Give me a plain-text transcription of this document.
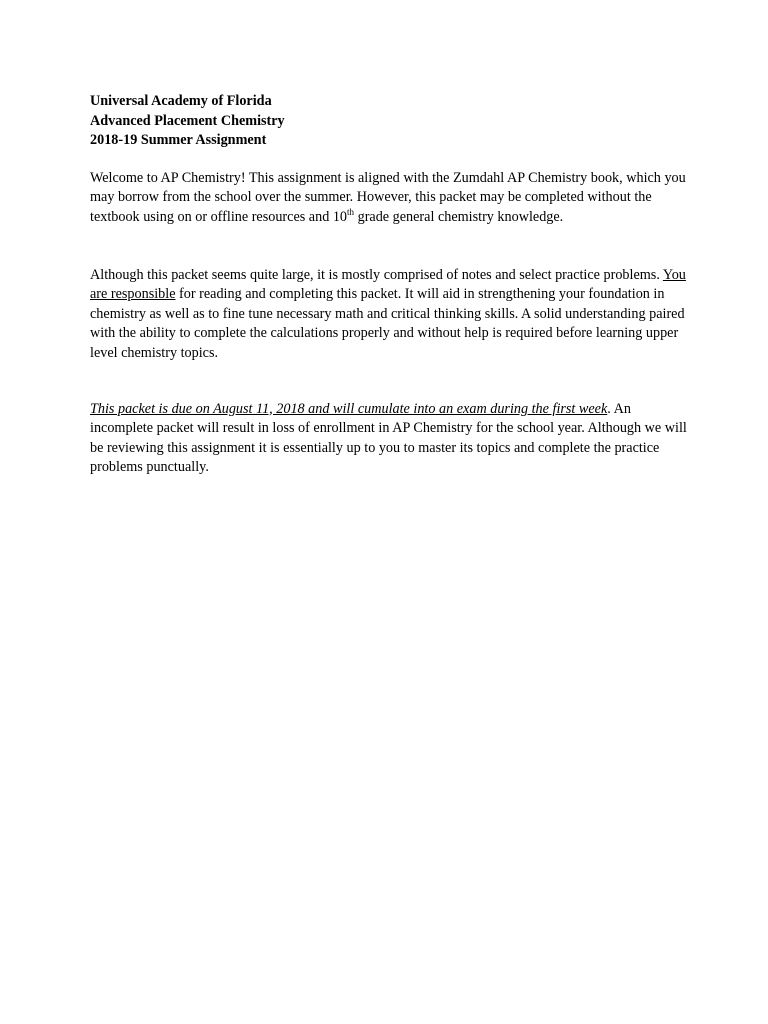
Universal Academy of Florida
Advanced Placement Chemistry
2018-19 Summer Assignment

Welcome to AP Chemistry! This assignment is aligned with the Zumdahl AP Chemistry book, which you may borrow from the school over the summer. However, this packet may be completed without the textbook using on or offline resources and 10th grade general chemistry knowledge.

Although this packet seems quite large, it is mostly comprised of notes and select practice problems. You are responsible for reading and completing this packet. It will aid in strengthening your foundation in chemistry as well as to fine tune necessary math and critical thinking skills. A solid understanding paired with the ability to complete the calculations properly and without help is required before learning upper level chemistry topics.

This packet is due on August 11, 2018 and will cumulate into an exam during the first week. An incomplete packet will result in loss of enrollment in AP Chemistry for the school year. Although we will be reviewing this assignment it is essentially up to you to master its topics and complete the practice problems punctually.
